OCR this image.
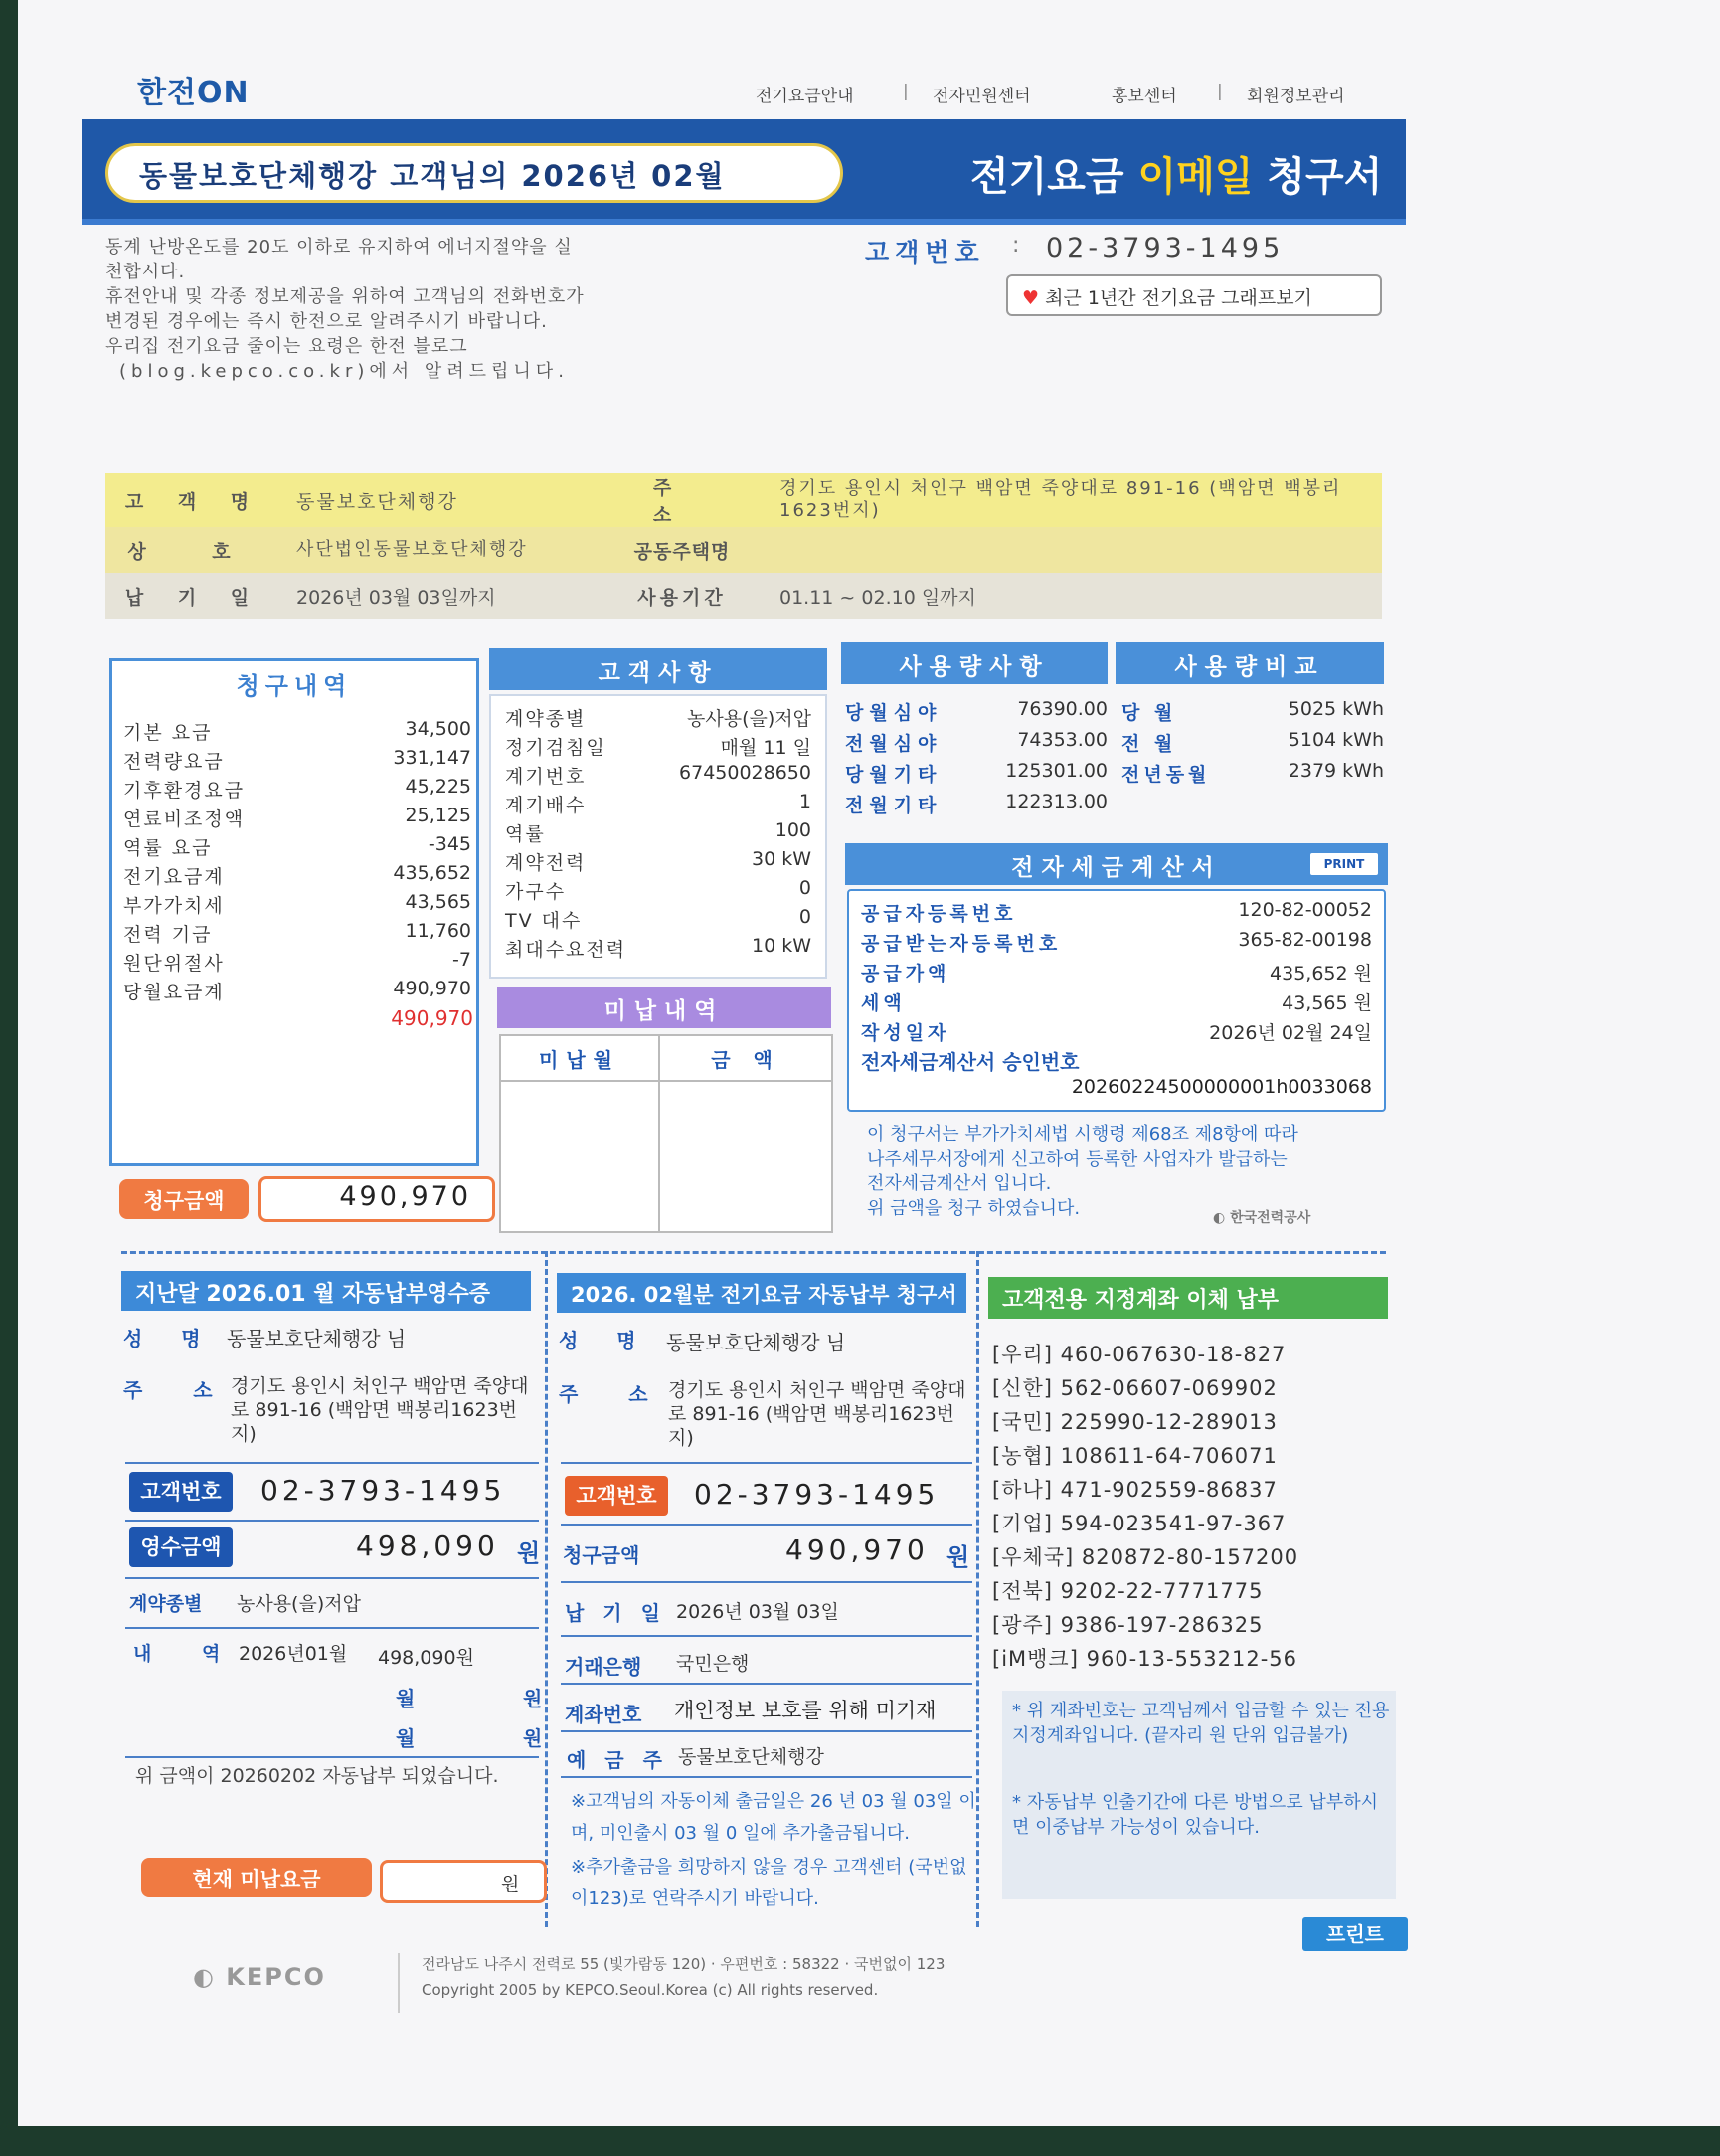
한전ON	전기요금안내	| 전자민원센터	홍보센터 | 회원정보관리
동물보호단체행강 고객님의 2026년 02월	전기요금 이메일 청구서
동계 난방온도를 20도 이하로 유지하여 에너지절약을 실
천합시다.
휴전안내 및 각종 정보제공을 위하여 고객님의 전화번호가
변경된 경우에는 즉시 한전으로 알려주시기 바랍니다.
우리집 전기요금 줄이는 요령은 한전 블로그
(blog.kepco.co.kr)에서 알려드립니다.
고객번호 : 02-3793-1495
♥ 최근 1년간 전기요금 그래프보기
고 객 명	동물보호단체행강	주 소	경기도 용인시 처인구 백암면 죽양대로 891-16 (백암면 백봉리1623번지)
상 호	사단법인동물보호단체행강	공동주택명	
납 기 일	2026년 03월 03일까지	사용기간	01.11 ~ 02.10 일까지
청구내역
기본 요금	34,500
전력량요금	331,147
기후환경요금	45,225
연료비조정액	25,125
역률 요금	-345
전기요금계	435,652
부가가치세	43,565
전력 기금	11,760
원단위절사	-7
당월요금계	490,970
490,970
청구금액	490,970
고객사항
계약종별	농사용(을)저압
정기검침일	매월 11 일
계기번호	67450028650
계기배수	1
역률	100
계약전력	30 kW
가구수	0
TV 대수	0
최대수요전력	10 kW
미납내역
미납월	금 액
사용량사항	사용량비교
당월심야	76390.00
전월심야	74353.00
당월기타	125301.00
전월기타	122313.00
당 월	5025 kWh
전 월	5104 kWh
전년동월	2379 kWh
전자세금계산서	PRINT
공급자등록번호	120-82-00052
공급받는자등록번호	365-82-00198
공급가액	435,652 원
세액	43,565 원
작성일자	2026년 02월 24일
전자세금계산서 승인번호
20260224500000001h0033068
이 청구서는 부가가치세법 시행령 제68조 제8항에 따라
나주세무서장에게 신고하여 등록한 사업자가 발급하는
전자세금계산서 입니다.
위 금액을 청구 하였습니다.	◐ 한국전력공사
지난달 2026.01 월 자동납부영수증
성 명 동물보호단체행강 님
주 소
경기도 용인시 처인구 백암면 죽양대로 891-16 (백암면 백봉리1623번지)
고객번호	02-3793-1495
영수금액	498,090 원
계약종별 농사용(을)저압
내 역
2026년01월 498,090원
월	원
월	원
위 금액이 20260202 자동납부 되었습니다.
현재 미납요금	원
2026. 02월분 전기요금 자동납부 청구서
성 명 동물보호단체행강 님
주 소
경기도 용인시 처인구 백암면 죽양대로 891-16 (백암면 백봉리1623번지)
고객번호	02-3793-1495
청구금액	490,970 원
납 기 일 2026년 03월 03일
거래은행 국민은행
계좌번호 개인정보 보호를 위해 미기재
예 금 주 동물보호단체행강
※고객님의 자동이체 출금일은 26 년 03 월 03일 이며, 미인출시 03 월 0 일에 추가출금됩니다.
※추가출금을 희망하지 않을 경우 고객센터 (국번없이123)로 연락주시기 바랍니다.
고객전용 지정계좌 이체 납부
[우리] 460-067630-18-827
[신한] 562-06607-069902
[국민] 225990-12-289013
[농협] 108611-64-706071
[하나] 471-902559-86837
[기업] 594-023541-97-367
[우체국] 820872-80-157200
[전북] 9202-22-7771775
[광주] 9386-197-286325
[iM뱅크] 960-13-553212-56
* 위 계좌번호는 고객님께서 입금할 수 있는 전용 지정계좌입니다. (끝자리 원 단위 입금불가)
* 자동납부 인출기간에 다른 방법으로 납부하시면 이중납부 가능성이 있습니다.
프린트
◐ KEPCO	전라남도 나주시 전력로 55 (빛가람동 120) · 우편번호 : 58322 · 국번없이 123
Copyright 2005 by KEPCO.Seoul.Korea (c) All rights reserved.
